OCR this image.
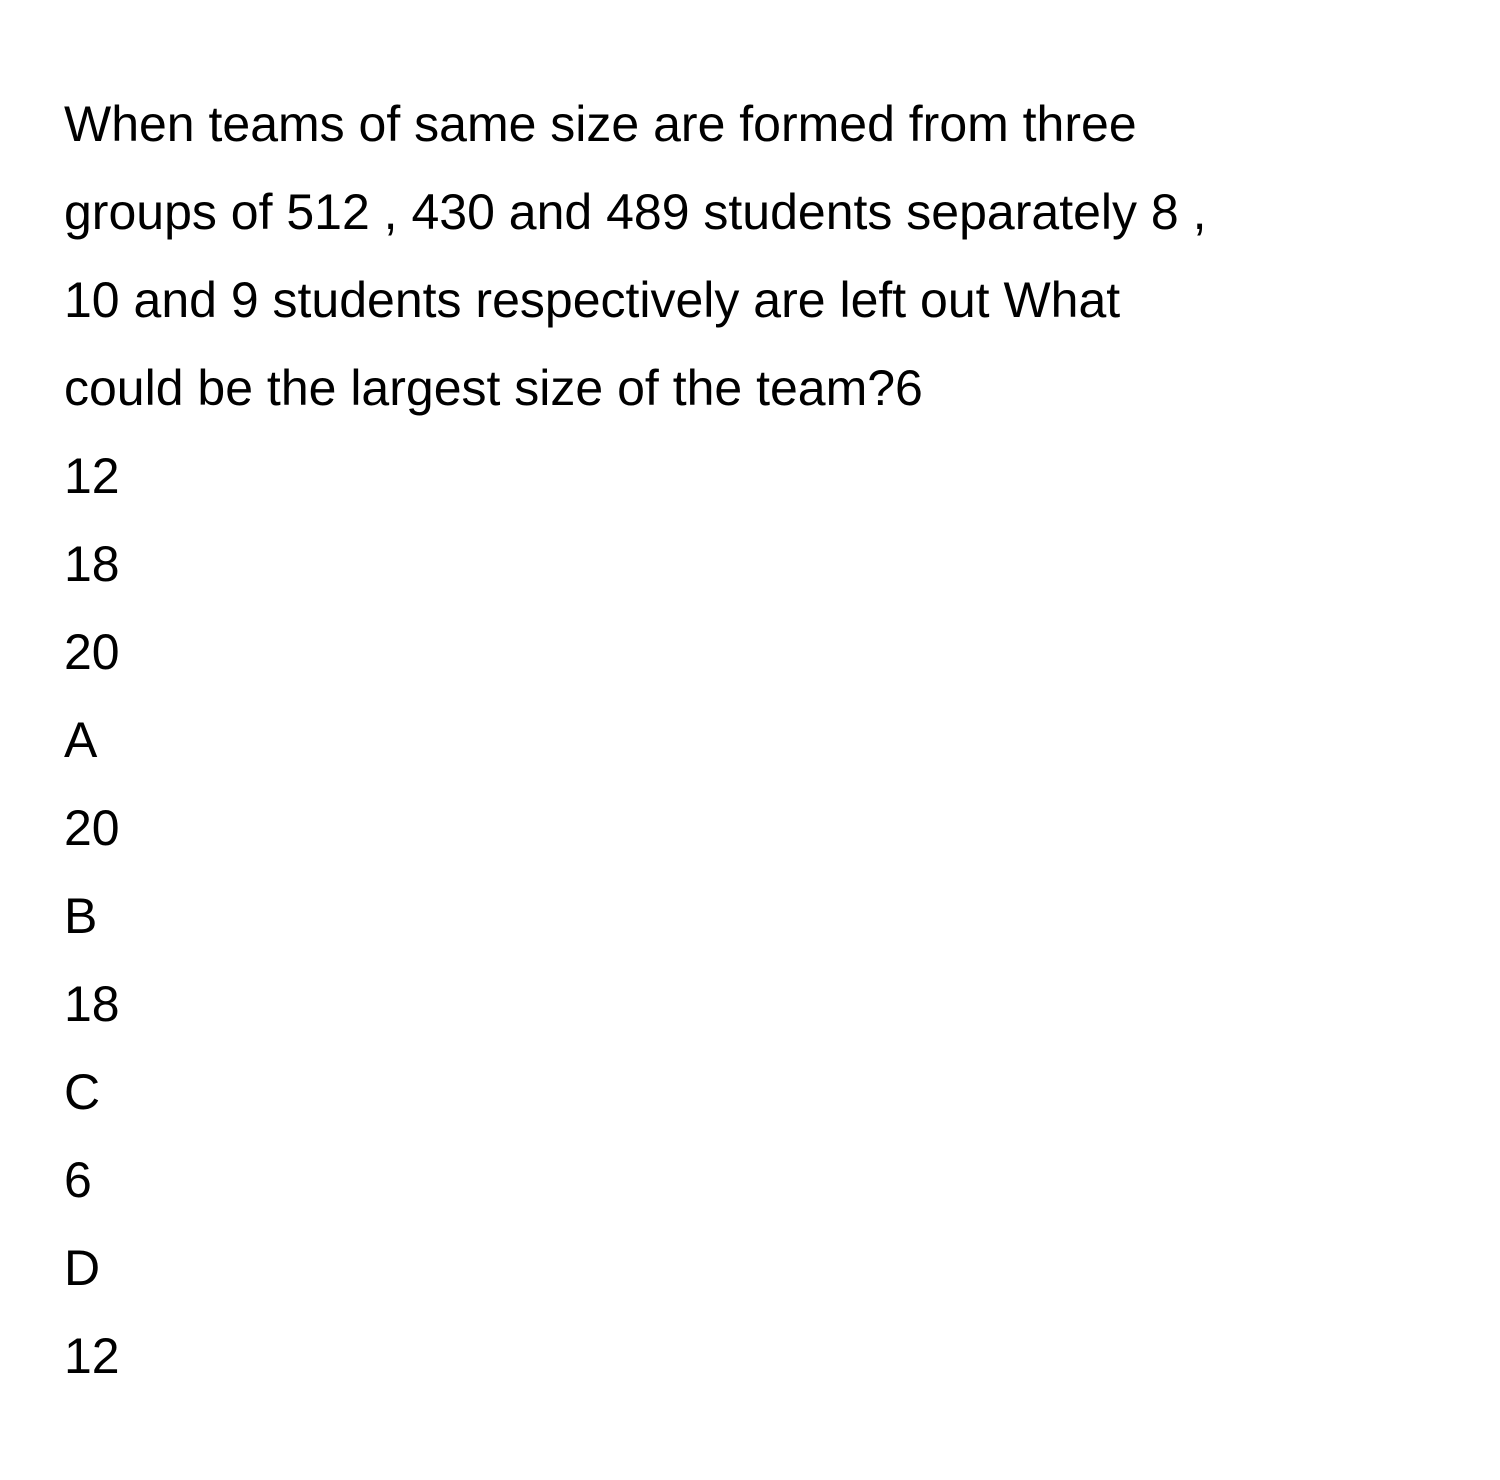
When teams of same size are formed from three
groups of 512 , 430 and 489 students separately 8 ,
10 and 9 students respectively are left out What
could be the largest size of the team?6
12
18
20
A
20
B
18
C
6
D
12
